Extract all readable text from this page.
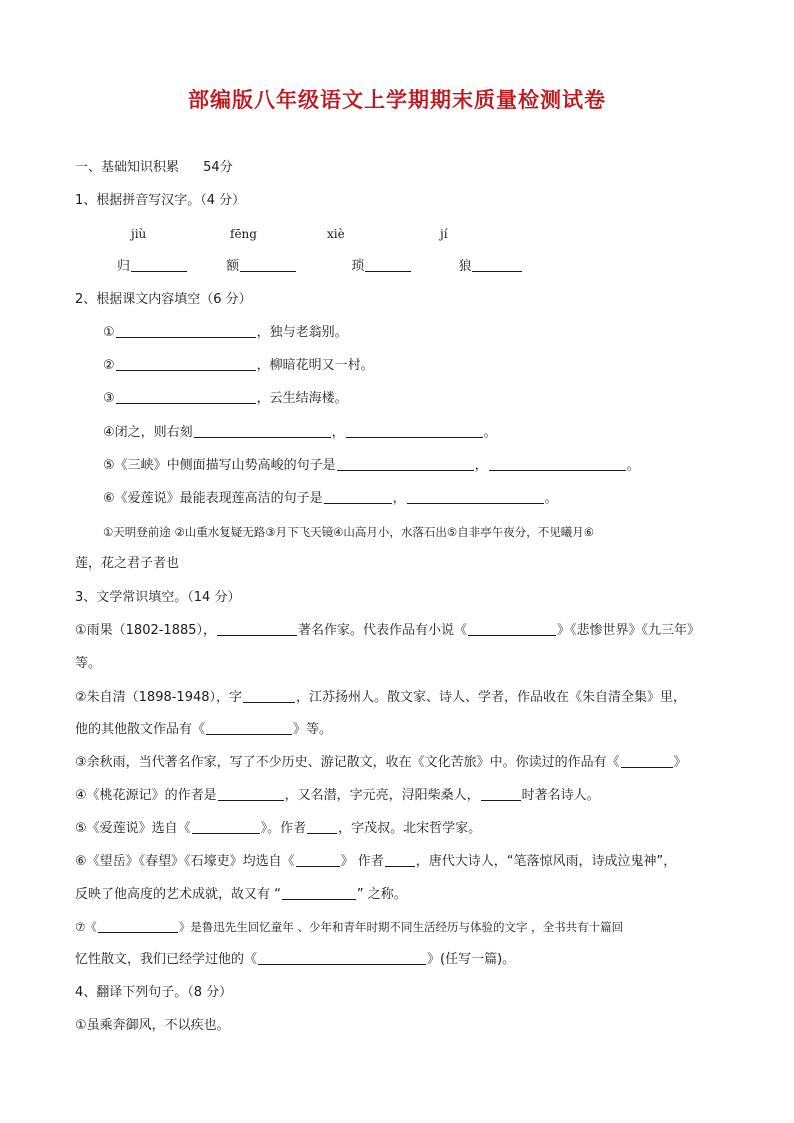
部编版八年级语文上学期期末质量检测试卷
一、基础知识积累 54分
1、根据拼音写汉字。（4 分）
jiù	fēng	xiè	jí
归	额	琐	狼
2、根据课文内容填空（6 分）
①	，独与老翁别。
②	，柳暗花明又一村。
③	，云生结海楼。
④闭之，则右刻	，	。
⑤《三峡》中侧面描写山势高峻的句子是	，	。
⑥《爱莲说》最能表现莲高洁的句子是	，	。
①天明登前途 ②山重水复疑无路③月下飞天镜④山高月小，水落石出⑤自非亭午夜分，不见曦月⑥
莲，花之君子者也
3、文学常识填空。（14 分）
①雨果（1802-1885），	著名作家。代表作品有小说《	》《悲惨世界》《九三年》
等。
②朱自清（1898-1948），字	，江苏扬州人。散文家、诗人、学者，作品收在《朱自清全集》里，
他的其他散文作品有《	》等。
③余秋雨，当代著名作家，写了不少历史、游记散文，收在《文化苦旅》中。你读过的作品有《	》
④《桃花源记》的作者是	，又名潜，字元亮，浔阳柴桑人，	时著名诗人。
⑤《爱莲说》选自《	》。作者 ，字茂叔。北宋哲学家。
⑥《望岳》《春望》《石壕吏》均选自《	》 作者 ，唐代大诗人，“笔落惊风雨，诗成泣鬼神”，
反映了他高度的艺术成就，故又有 “	” 之称。
⑦《	》是鲁迅先生回忆童年 、少年和青年时期不同生活经历与体验的文字 ，全书共有十篇回
忆性散文，我们已经学过他的《	》(任写一篇)。
4、翻译下列句子。（8 分）
①虽乘奔御风，不以疾也。
